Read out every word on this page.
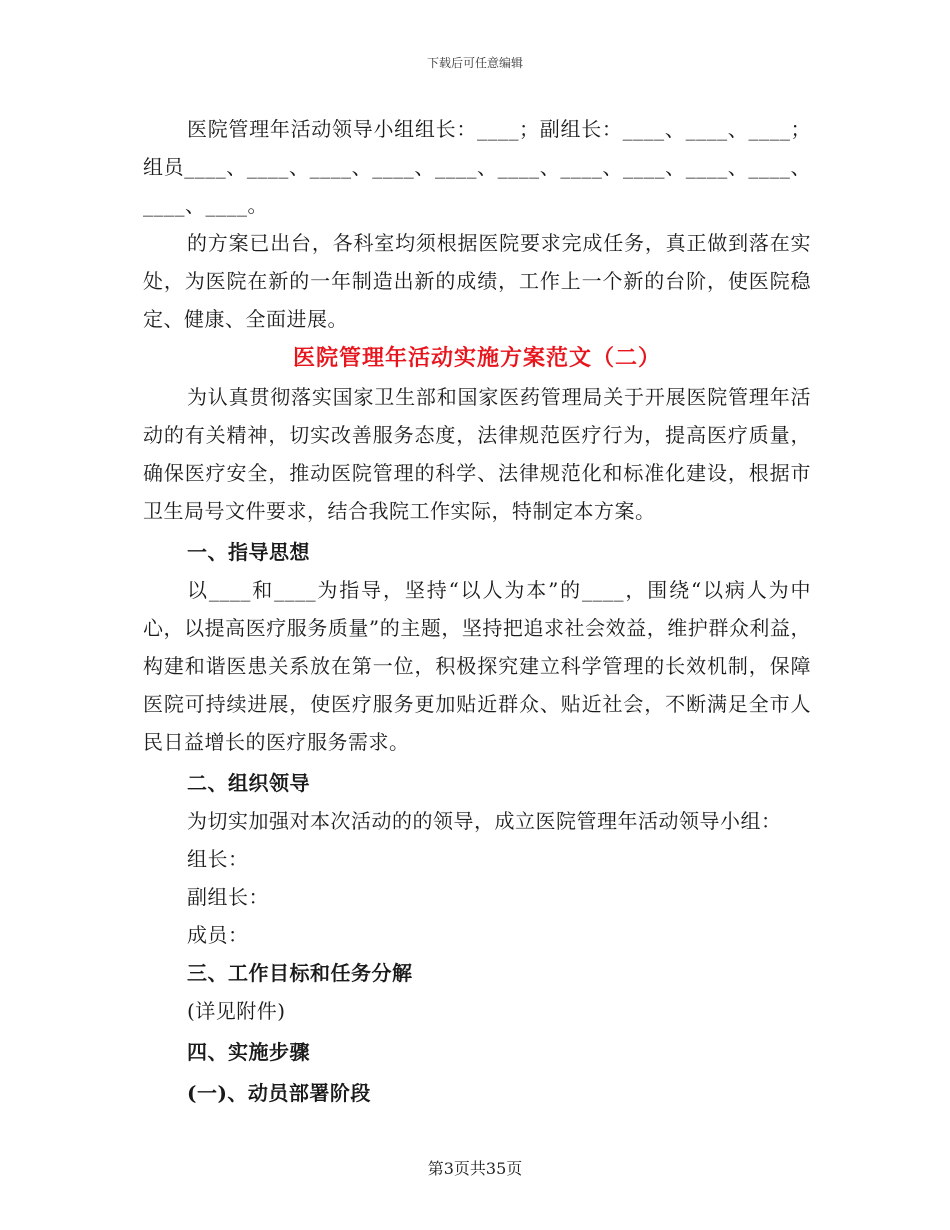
下载后可任意编辑

医院管理年活动领导小组组长：____；副组长：____、____、____；组员____、____、____、____、____、____、____、____、____、____、____、____。

的方案已出台，各科室均须根据医院要求完成任务，真正做到落在实处，为医院在新的一年制造出新的成绩，工作上一个新的台阶，使医院稳定、健康、全面进展。

医院管理年活动实施方案范文（二）

为认真贯彻落实国家卫生部和国家医药管理局关于开展医院管理年活动的有关精神，切实改善服务态度，法律规范医疗行为，提高医疗质量，确保医疗安全，推动医院管理的科学、法律规范化和标准化建设，根据市卫生局号文件要求，结合我院工作实际，特制定本方案。

一、指导思想

以____和____为指导，坚持“以人为本”的____，围绕“以病人为中心，以提高医疗服务质量”的主题，坚持把追求社会效益，维护群众利益，构建和谐医患关系放在第一位，积极探究建立科学管理的长效机制，保障医院可持续进展，使医疗服务更加贴近群众、贴近社会，不断满足全市人民日益增长的医疗服务需求。

二、组织领导

为切实加强对本次活动的的领导，成立医院管理年活动领导小组：

组长：

副组长：

成员：

三、工作目标和任务分解

(详见附件)

四、实施步骤

(一)、动员部署阶段

第3页共35页
